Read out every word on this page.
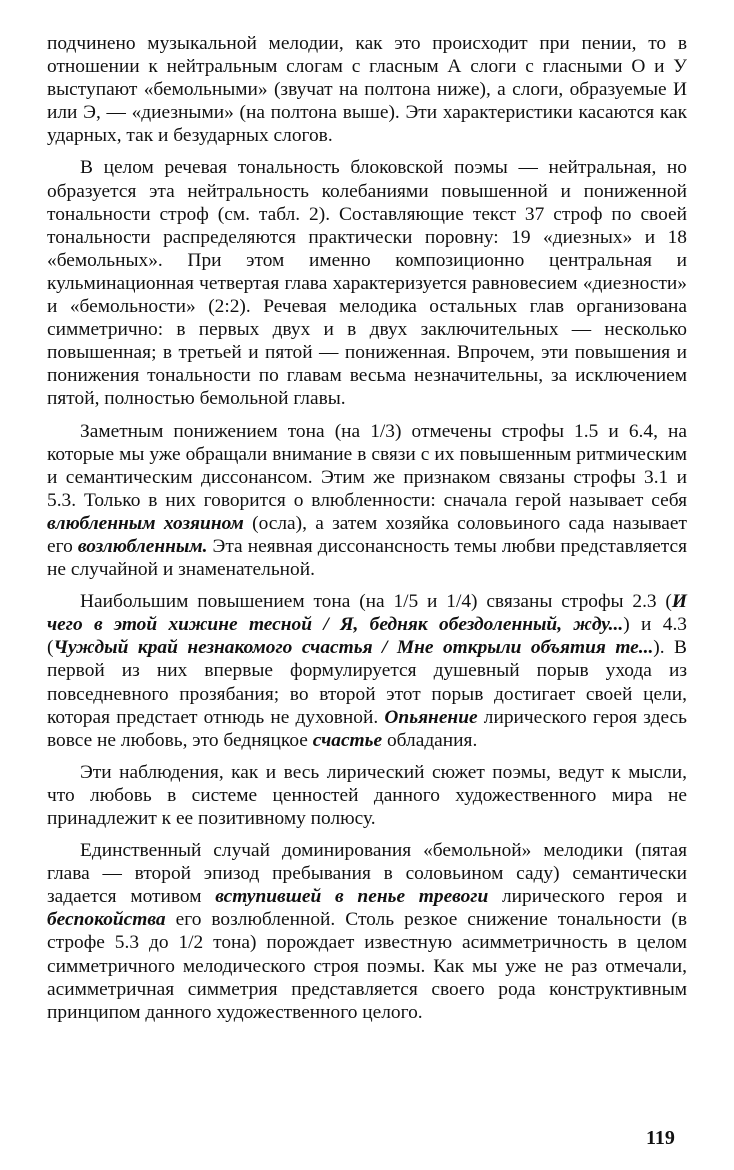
подчинено музыкальной мелодии, как это происходит при пении, то в отношении к нейтральным слогам с гласным А слоги с гласными О и У выступают «бемольными» (звучат на полтона ниже), а слоги, образуемые И или Э, — «диезными» (на полтона выше). Эти характеристики касаются как ударных, так и безударных слогов.

В целом речевая тональность блоковской поэмы — нейтральная, но образуется эта нейтральность колебаниями повышенной и пониженной тональности строф (см. табл. 2). Составляющие текст 37 строф по своей тональности распределяются практически поровну: 19 «диезных» и 18 «бемольных». При этом именно композиционно центральная и кульминационная четвертая глава характеризуется равновесием «диезности» и «бемольности» (2:2). Речевая мелодика остальных глав организована симметрично: в первых двух и в двух заключительных — несколько повышенная; в третьей и пятой — пониженная. Впрочем, эти повышения и понижения тональности по главам весьма незначительны, за исключением пятой, полностью бемольной главы.

Заметным понижением тона (на 1/3) отмечены строфы 1.5 и 6.4, на которые мы уже обращали внимание в связи с их повышенным ритмическим и семантическим диссонансом. Этим же признаком связаны строфы 3.1 и 5.3. Только в них говорится о влюбленности: сначала герой называет себя влюбленным хозяином (осла), а затем хозяйка соловьиного сада называет его возлюбленным. Эта неявная диссонансность темы любви представляется не случайной и знаменательной.

Наибольшим повышением тона (на 1/5 и 1/4) связаны строфы 2.3 (И чего в этой хижине тесной / Я, бедняк обездоленный, жду...) и 4.3 (Чуждый край незнакомого счастья / Мне открыли объятия те...). В первой из них впервые формулируется душевный порыв ухода из повседневного прозябания; во второй этот порыв достигает своей цели, которая предстает отнюдь не духовной. Опьянение лирического героя здесь вовсе не любовь, это бедняцкое счастье обладания.

Эти наблюдения, как и весь лирический сюжет поэмы, ведут к мысли, что любовь в системе ценностей данного художественного мира не принадлежит к ее позитивному полюсу.

Единственный случай доминирования «бемольной» мелодики (пятая глава — второй эпизод пребывания в соловьином саду) семантически задается мотивом вступившей в пенье тревоги лирического героя и беспокойства его возлюбленной. Столь резкое снижение тональности (в строфе 5.3 до 1/2 тона) порождает известную асимметричность в целом симметричного мелодического строя поэмы. Как мы уже не раз отмечали, асимметричная симметрия представляется своего рода конструктивным принципом данного художественного целого.

119
